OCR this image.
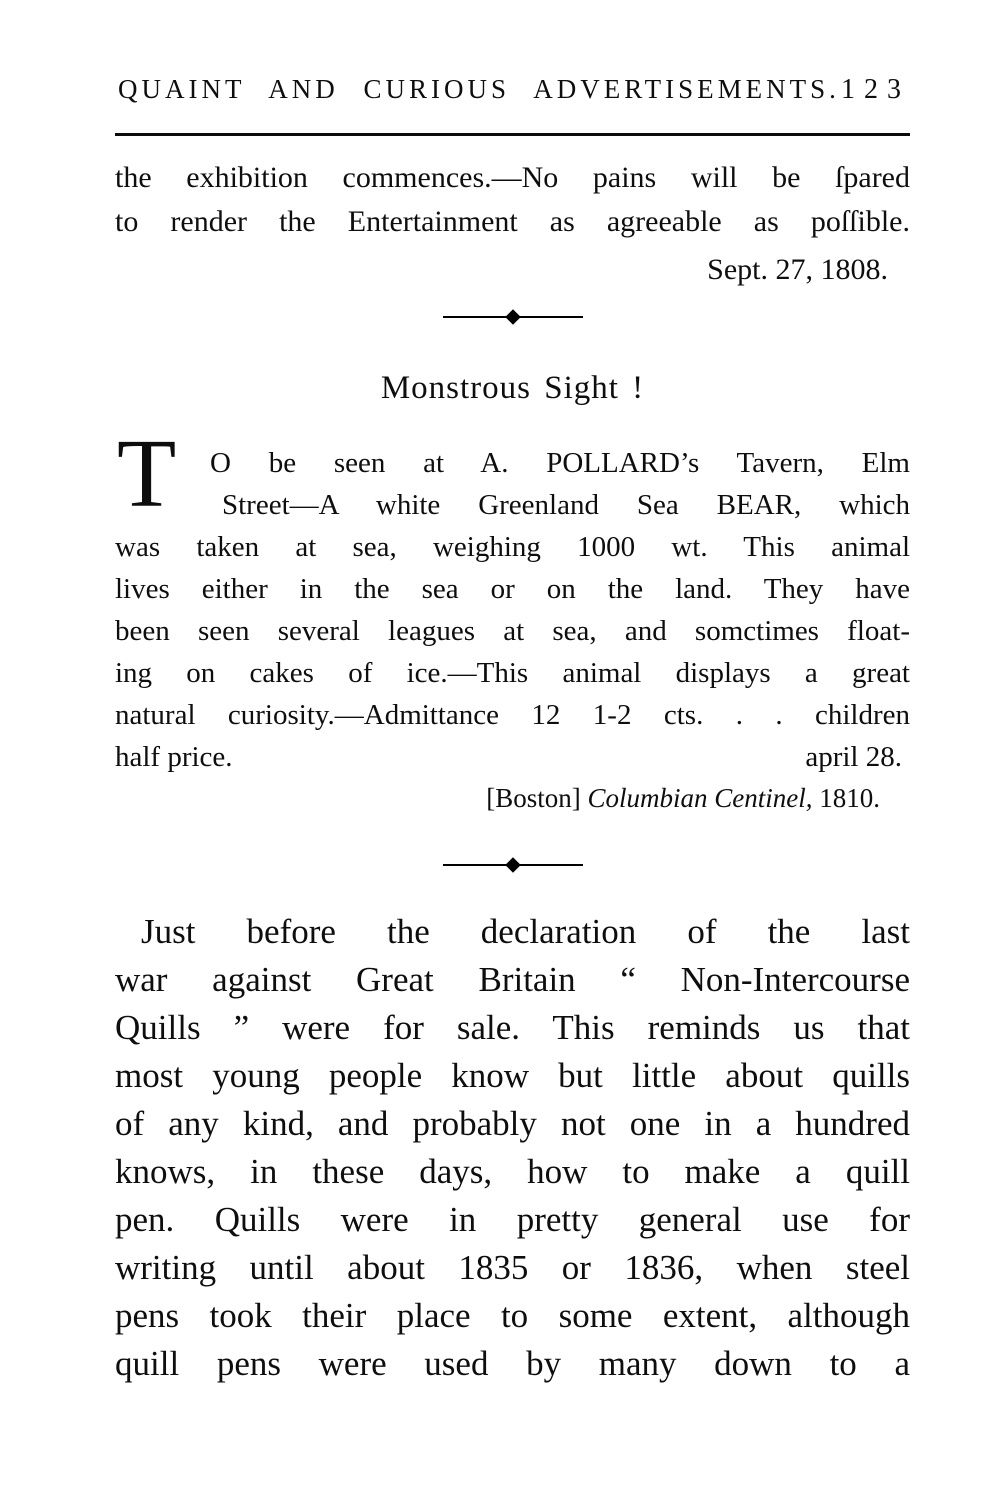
QUAINT AND CURIOUS ADVERTISEMENTS. 123
the exhibition commences.—No pains will be ſpared
to render the Entertainment as agreeable as poſſible.
Sept. 27, 1808.
Monstrous Sight !
T O be seen at A. POLLARD’s Tavern, Elm
Street—A white Greenland Sea BEAR, which
was taken at sea, weighing 1000 wt. This animal
lives either in the sea or on the land. They have
been seen several leagues at sea, and somctimes float-
ing on cakes of ice.—This animal displays a great
natural curiosity.—Admittance 12 1-2 cts. . . children
half price.	april 28.
[Boston] Columbian Centinel, 1810.
Just before the declaration of the last
war against Great Britain “ Non-Intercourse
Quills ” were for sale. This reminds us that
most young people know but little about quills
of any kind, and probably not one in a hundred
knows, in these days, how to make a quill
pen. Quills were in pretty general use for
writing until about 1835 or 1836, when steel
pens took their place to some extent, although
quill pens were used by many down to a
